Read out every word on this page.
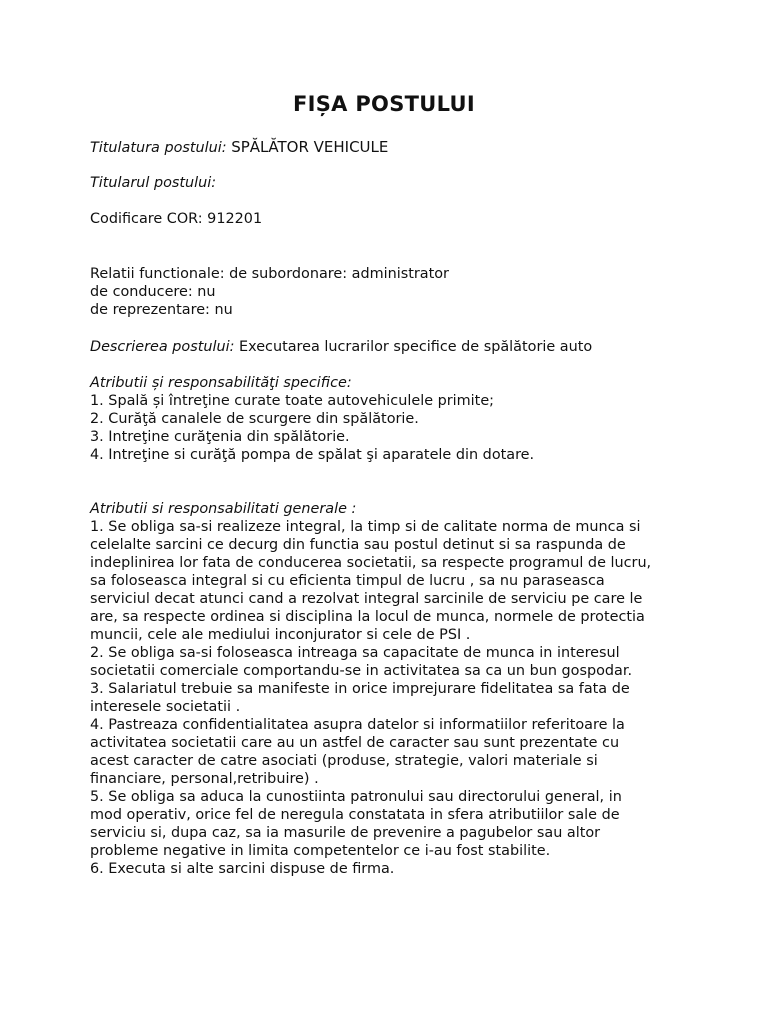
FIȘA POSTULUI
Titulatura postului: SPĂLĂTOR VEHICULE
Titularul postului:
Codificare COR: 912201
Relatii functionale: de subordonare: administrator
de conducere: nu
de reprezentare: nu
Descrierea postului: Executarea lucrarilor specifice de spălătorie auto
Atributii și responsabilităţi specifice:
1. Spală și întreţine curate toate autovehiculele primite;
2. Curăţă canalele de scurgere din spălătorie.
3. Intreţine curăţenia din spălătorie.
4. Intreţine si curăţă pompa de spălat şi aparatele din dotare.
Atributii si responsabilitati generale :
1. Se obliga sa-si realizeze integral, la timp si de calitate norma de munca si
celelalte sarcini ce decurg din functia sau postul detinut si sa raspunda de
indeplinirea lor fata de conducerea societatii, sa respecte programul de lucru,
sa foloseasca integral si cu eficienta timpul de lucru , sa nu paraseasca
serviciul decat atunci cand a rezolvat integral sarcinile de serviciu pe care le
are, sa respecte ordinea si disciplina la locul de munca, normele de protectia
muncii, cele ale mediului inconjurator si cele de PSI .
2. Se obliga sa-si foloseasca intreaga sa capacitate de munca in interesul
societatii comerciale comportandu-se in activitatea sa ca un bun gospodar.
3. Salariatul trebuie sa manifeste in orice imprejurare fidelitatea sa fata de
interesele societatii .
4. Pastreaza confidentialitatea asupra datelor si informatiilor referitoare la
activitatea societatii care au un astfel de caracter sau sunt prezentate cu
acest caracter de catre asociati (produse, strategie, valori materiale si
financiare, personal,retribuire) .
5. Se obliga sa aduca la cunostiinta patronului sau directorului general, in
mod operativ, orice fel de neregula constatata in sfera atributiilor sale de
serviciu si, dupa caz, sa ia masurile de prevenire a pagubelor sau altor
probleme negative in limita competentelor ce i-au fost stabilite.
6. Executa si alte sarcini dispuse de firma.
